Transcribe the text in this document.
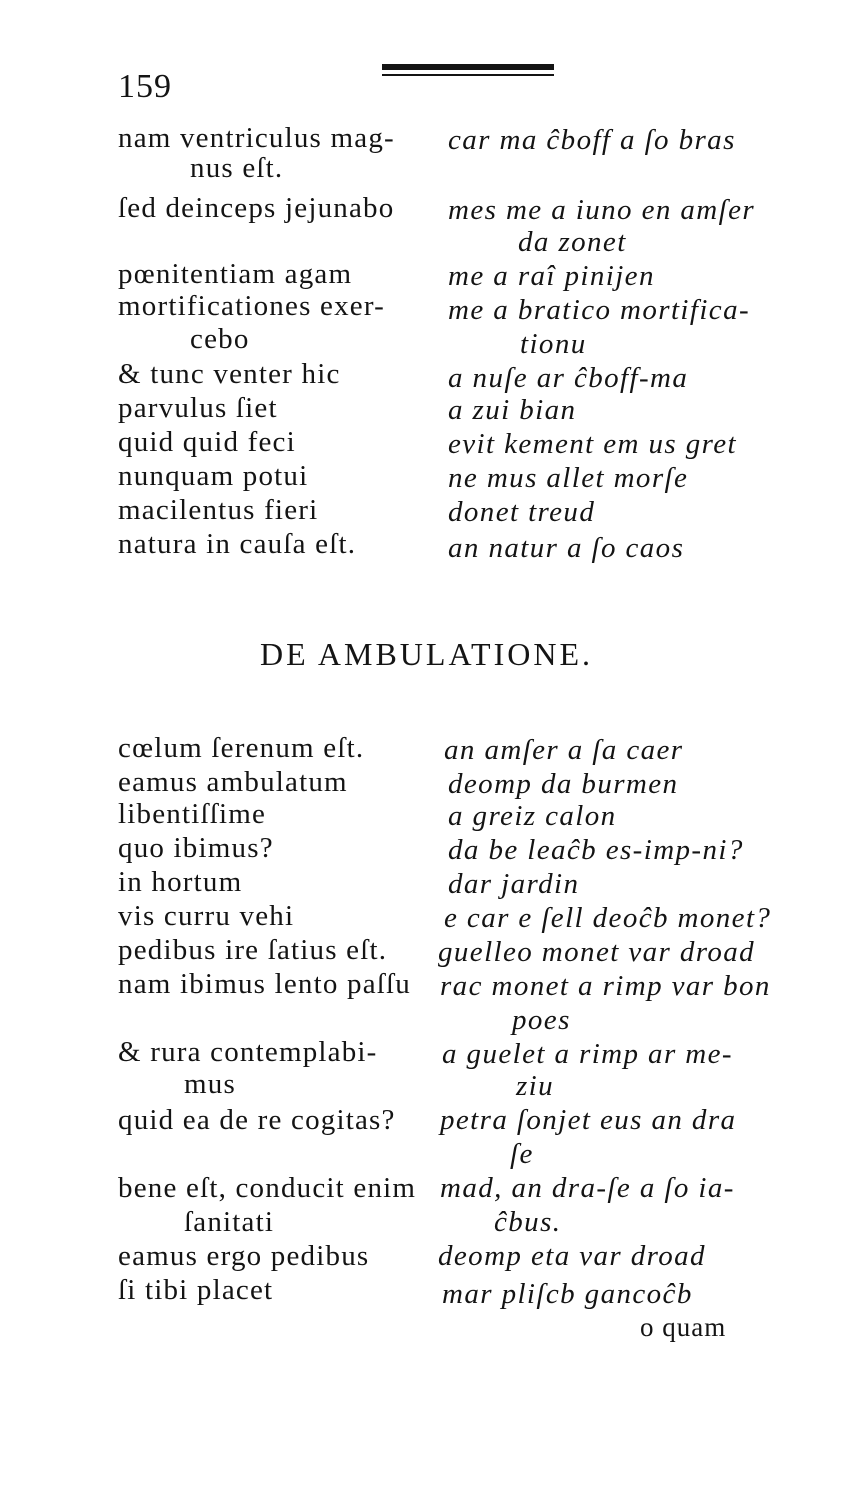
159
nam ventriculus mag-
nus eſt.
ſed deinceps jejunabo
pœnitentiam agam
mortificationes exer-
cebo
& tunc venter hic
parvulus ſiet
quid quid feci
nunquam potui
macilentus fieri
natura in cauſa eſt.
car ma ĉboff a ſo bras
mes me a iuno en amſer
da zonet
me a raî pinijen
me a bratico mortifica-
tionu
a nuſe ar ĉboff-ma
a zui bian
evit kement em us gret
ne mus allet morſe
donet treud
an natur a ſo caos
DE AMBULATIONE.
cœlum ſerenum eſt.
eamus ambulatum
libentiſſime
quo ibimus?
in hortum
vis curru vehi
pedibus ire ſatius eſt.
nam ibimus lento paſſu
& rura contemplabi-
mus
quid ea de re cogitas?
bene eſt, conducit enim
ſanitati
eamus ergo pedibus
ſi tibi placet
an amſer a ſa caer
deomp da burmen
a greiz calon
da be leaĉb es-imp-ni?
dar jardin
e car e ſell deoĉb monet?
guelleo monet var droad
rac monet a rimp var bon
poes
a guelet a rimp ar me-
ziu
petra ſonjet eus an dra
ſe
mad, an dra-ſe a ſo ia-
ĉbus.
deomp eta var droad
mar pliſcb gancoĉb
o quam
